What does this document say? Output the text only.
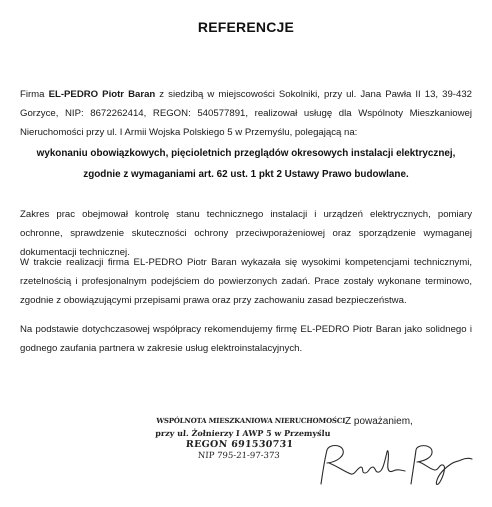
REFERENCJE

Firma EL-PEDRO Piotr Baran z siedzibą w miejscowości Sokolniki, przy ul. Jana Pawła II 13, 39-432 Gorzyce, NIP: 8672262414, REGON: 540577891, realizował usługę dla Wspólnoty Mieszkaniowej Nieruchomości przy ul. I Armii Wojska Polskiego 5 w Przemyślu, polegającą na:

wykonaniu obowiązkowych, pięcioletnich przeglądów okresowych instalacji elektrycznej,
zgodnie z wymaganiami art. 62 ust. 1 pkt 2 Ustawy Prawo budowlane.

Zakres prac obejmował kontrolę stanu technicznego instalacji i urządzeń elektrycznych, pomiary ochronne, sprawdzenie skuteczności ochrony przeciwporażeniowej oraz sporządzenie wymaganej dokumentacji technicznej.

W trakcie realizacji firma EL-PEDRO Piotr Baran wykazała się wysokimi kompetencjami technicznymi, rzetelnością i profesjonalnym podejściem do powierzonych zadań. Prace zostały wykonane terminowo, zgodnie z obowiązującymi przepisami prawa oraz przy zachowaniu zasad bezpieczeństwa.

Na podstawie dotychczasowej współpracy rekomendujemy firmę EL-PEDRO Piotr Baran jako solidnego i godnego zaufania partnera w zakresie usług elektroinstalacyjnych.

WSPÓLNOTA MIESZKANIOWA NIERUCHOMOŚCI
przy ul. Żołnierzy I AWP 5 w Przemyślu
REGON 691530731
NIP 795-21-97-373
Z poważaniem,
